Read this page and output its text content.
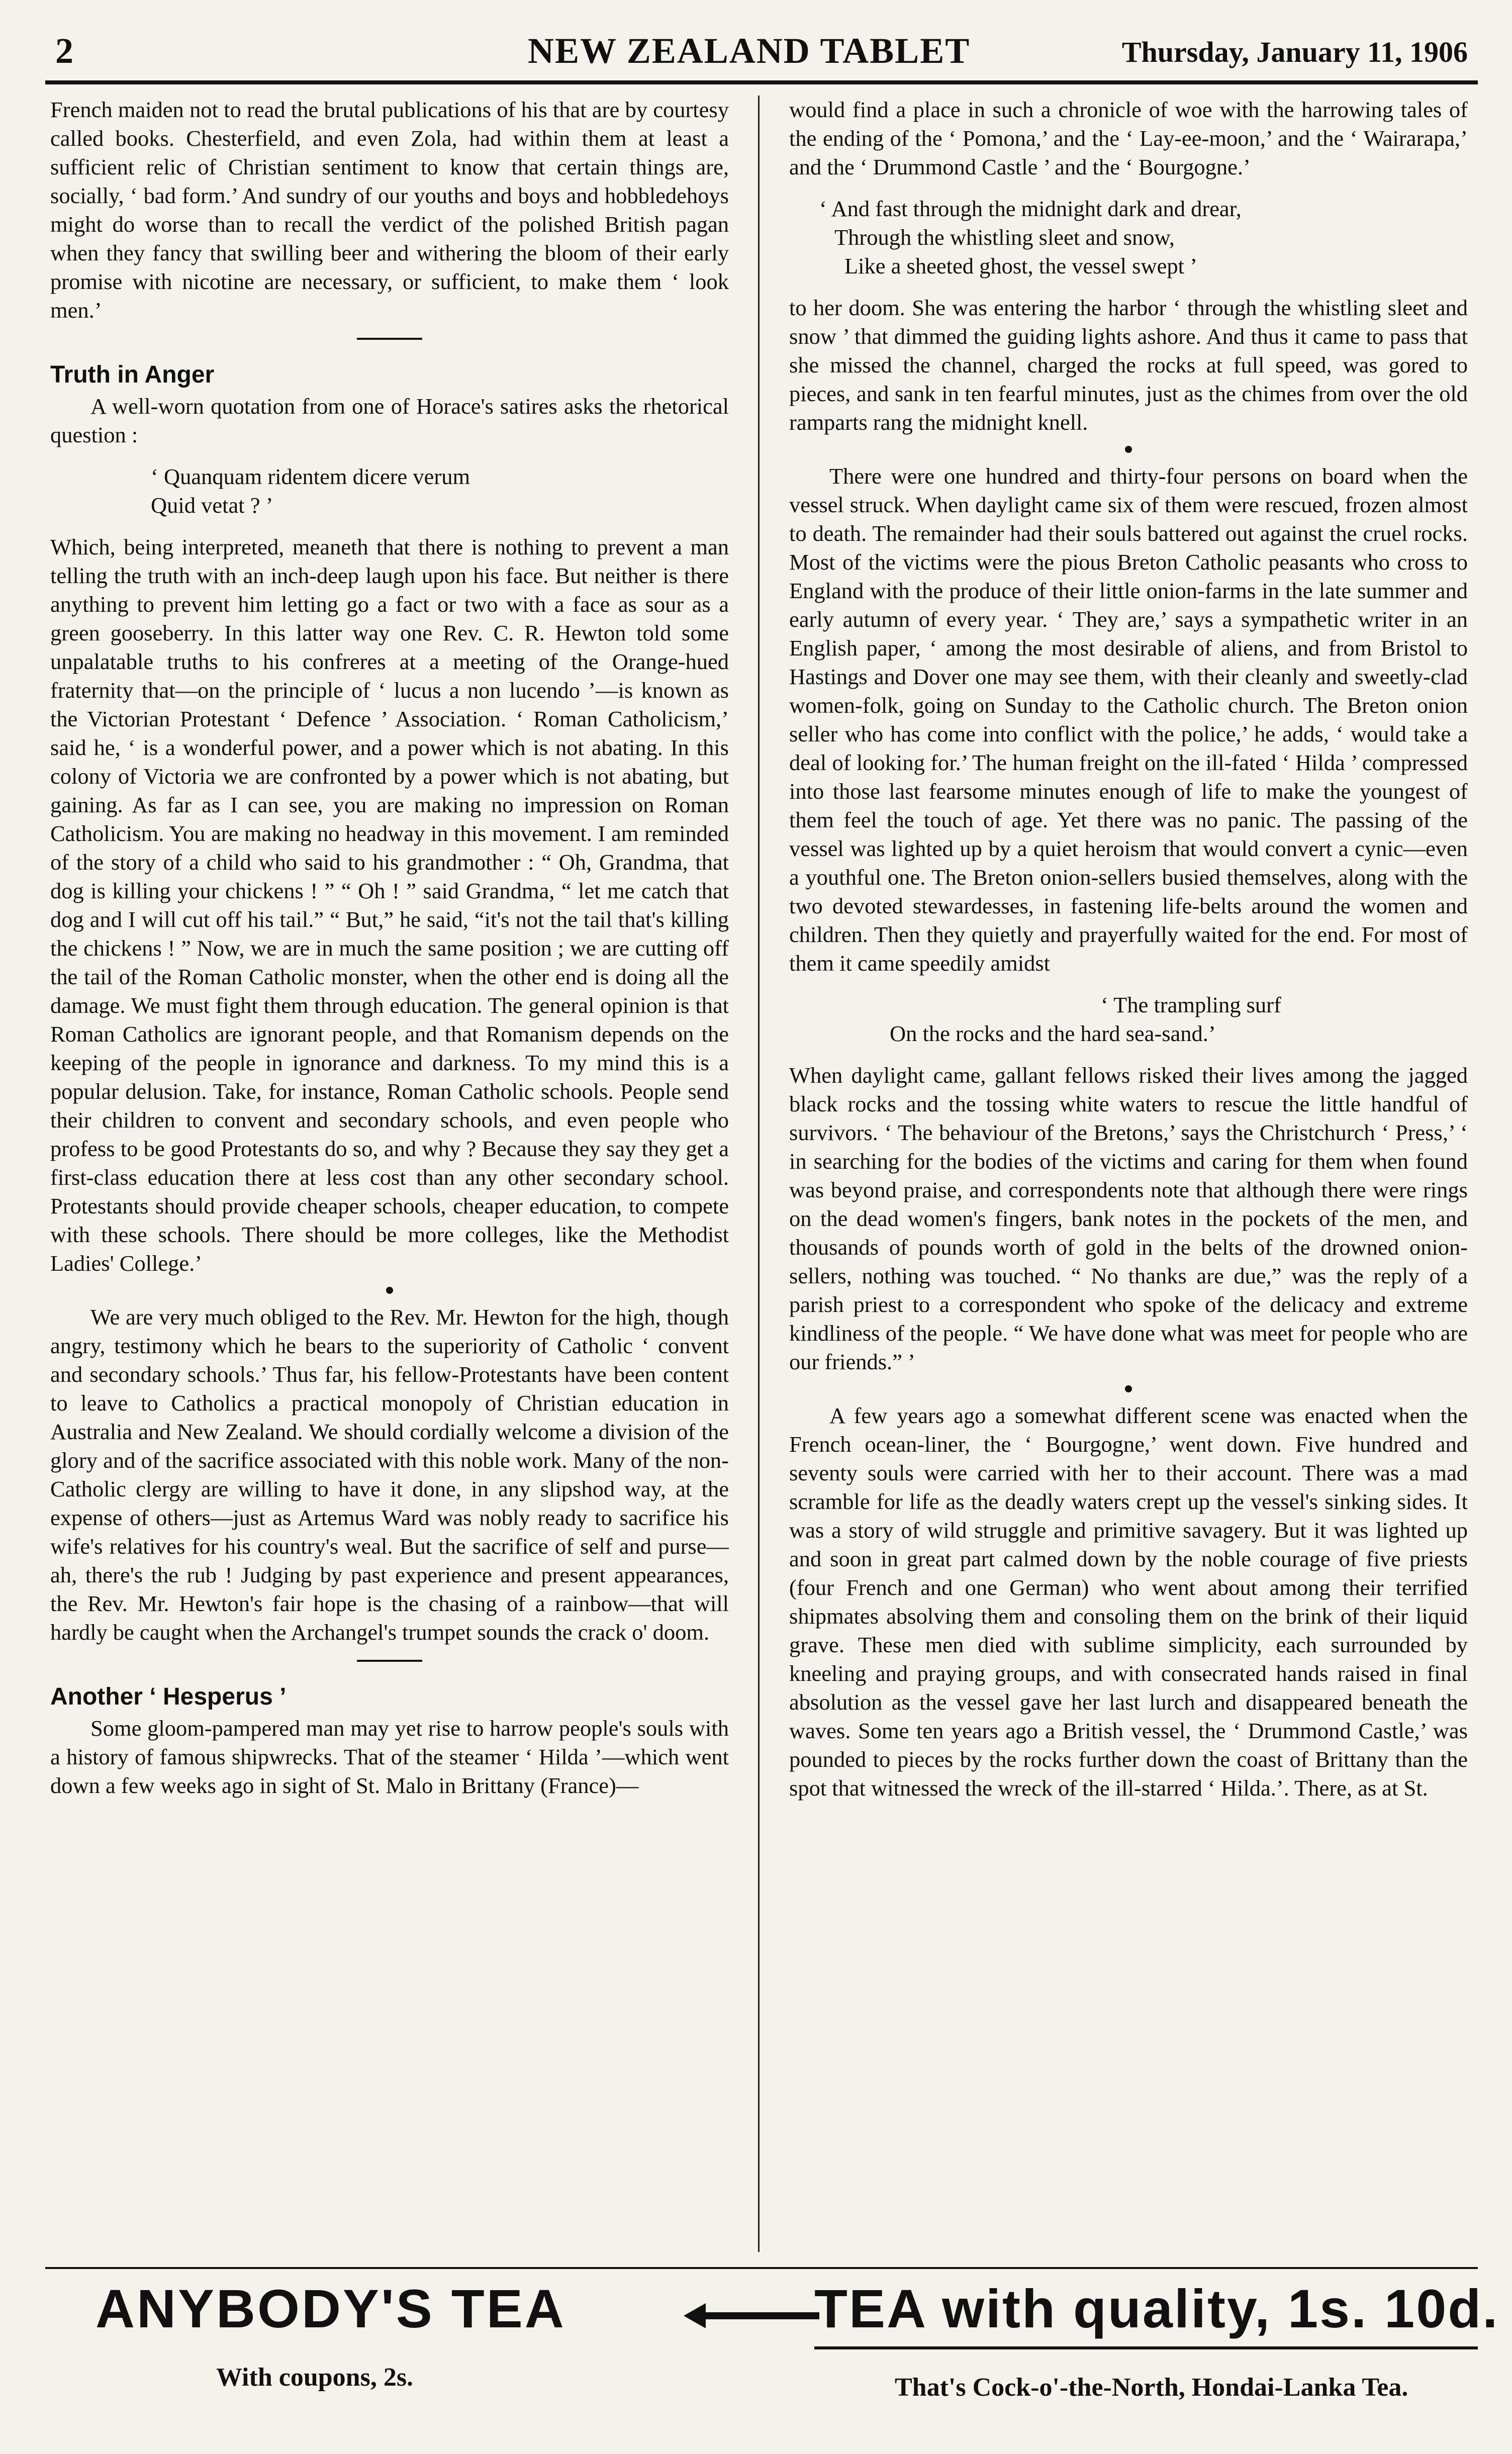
2	NEW ZEALAND TABLET	Thursday, January 11, 1906

French maiden not to read the brutal publications of his that are by courtesy called books. Chesterfield, and even Zola, had within them at least a sufficient relic of Christian sentiment to know that certain things are, socially, ‘ bad form.’ And sundry of our youths and boys and hobbledehoys might do worse than to recall the verdict of the polished British pagan when they fancy that swilling beer and withering the bloom of their early promise with nicotine are necessary, or sufficient, to make them ‘ look men.’

Truth in Anger

A well-worn quotation from one of Horace's satires asks the rhetorical question :

‘ Quanquam ridentem dicere verum
Quid vetat ? ’

Which, being interpreted, meaneth that there is nothing to prevent a man telling the truth with an inch-deep laugh upon his face. But neither is there anything to prevent him letting go a fact or two with a face as sour as a green gooseberry. In this latter way one Rev. C. R. Hewton told some unpalatable truths to his confreres at a meeting of the Orange-hued fraternity that—on the principle of ‘ lucus a non lucendo ’—is known as the Victorian Protestant ‘ Defence ’ Association. ‘ Roman Catholicism,’ said he, ‘ is a wonderful power, and a power which is not abating. In this colony of Victoria we are confronted by a power which is not abating, but gaining. As far as I can see, you are making no impression on Roman Catholicism. You are making no headway in this movement. I am reminded of the story of a child who said to his grandmother : “ Oh, Grandma, that dog is killing your chickens ! ” “ Oh ! ” said Grandma, “ let me catch that dog and I will cut off his tail.” “ But,” he said, “it's not the tail that's killing the chickens ! ” Now, we are in much the same position ; we are cutting off the tail of the Roman Catholic monster, when the other end is doing all the damage. We must fight them through education. The general opinion is that Roman Catholics are ignorant people, and that Romanism depends on the keeping of the people in ignorance and darkness. To my mind this is a popular delusion. Take, for instance, Roman Catholic schools. People send their children to convent and secondary schools, and even people who profess to be good Protestants do so, and why ? Because they say they get a first-class education there at less cost than any other secondary school. Protestants should provide cheaper schools, cheaper education, to compete with these schools. There should be more colleges, like the Methodist Ladies' College.’

We are very much obliged to the Rev. Mr. Hewton for the high, though angry, testimony which he bears to the superiority of Catholic ‘ convent and secondary schools.’ Thus far, his fellow-Protestants have been content to leave to Catholics a practical monopoly of Christian education in Australia and New Zealand. We should cordially welcome a division of the glory and of the sacrifice associated with this noble work. Many of the non-Catholic clergy are willing to have it done, in any slipshod way, at the expense of others—just as Artemus Ward was nobly ready to sacrifice his wife's relatives for his country's weal. But the sacrifice of self and purse—ah, there's the rub ! Judging by past experience and present appearances, the Rev. Mr. Hewton's fair hope is the chasing of a rainbow—that will hardly be caught when the Archangel's trumpet sounds the crack o' doom.

Another ‘ Hesperus ’

Some gloom-pampered man may yet rise to harrow people's souls with a history of famous shipwrecks. That of the steamer ‘ Hilda ’—which went down a few weeks ago in sight of St. Malo in Brittany (France)—

would find a place in such a chronicle of woe with the harrowing tales of the ending of the ‘ Pomona,’ and the ‘ Lay-ee-moon,’ and the ‘ Wairarapa,’ and the ‘ Drummond Castle ’ and the ‘ Bourgogne.’

‘ And fast through the midnight dark and drear,
Through the whistling sleet and snow,
Like a sheeted ghost, the vessel swept ’

to her doom. She was entering the harbor ‘ through the whistling sleet and snow ’ that dimmed the guiding lights ashore. And thus it came to pass that she missed the channel, charged the rocks at full speed, was gored to pieces, and sank in ten fearful minutes, just as the chimes from over the old ramparts rang the midnight knell.

There were one hundred and thirty-four persons on board when the vessel struck. When daylight came six of them were rescued, frozen almost to death. The remainder had their souls battered out against the cruel rocks. Most of the victims were the pious Breton Catholic peasants who cross to England with the produce of their little onion-farms in the late summer and early autumn of every year. ‘ They are,’ says a sympathetic writer in an English paper, ‘ among the most desirable of aliens, and from Bristol to Hastings and Dover one may see them, with their cleanly and sweetly-clad women-folk, going on Sunday to the Catholic church. The Breton onion seller who has come into conflict with the police,’ he adds, ‘ would take a deal of looking for.’ The human freight on the ill-fated ‘ Hilda ’ compressed into those last fearsome minutes enough of life to make the youngest of them feel the touch of age. Yet there was no panic. The passing of the vessel was lighted up by a quiet heroism that would convert a cynic—even a youthful one. The Breton onion-sellers busied themselves, along with the two devoted stewardesses, in fastening life-belts around the women and children. Then they quietly and prayerfully waited for the end. For most of them it came speedily amidst

‘ The trampling surf
On the rocks and the hard sea-sand.’

When daylight came, gallant fellows risked their lives among the jagged black rocks and the tossing white waters to rescue the little handful of survivors. ‘ The behaviour of the Bretons,’ says the Christchurch ‘ Press,’ ‘ in searching for the bodies of the victims and caring for them when found was beyond praise, and correspondents note that although there were rings on the dead women's fingers, bank notes in the pockets of the men, and thousands of pounds worth of gold in the belts of the drowned onion-sellers, nothing was touched. “ No thanks are due,” was the reply of a parish priest to a correspondent who spoke of the delicacy and extreme kindliness of the people. “ We have done what was meet for people who are our friends.” ’

A few years ago a somewhat different scene was enacted when the French ocean-liner, the ‘ Bourgogne,’ went down. Five hundred and seventy souls were carried with her to their account. There was a mad scramble for life as the deadly waters crept up the vessel's sinking sides. It was a story of wild struggle and primitive savagery. But it was lighted up and soon in great part calmed down by the noble courage of five priests (four French and one German) who went about among their terrified shipmates absolving them and consoling them on the brink of their liquid grave. These men died with sublime simplicity, each surrounded by kneeling and praying groups, and with consecrated hands raised in final absolution as the vessel gave her last lurch and disappeared beneath the waves. Some ten years ago a British vessel, the ‘ Drummond Castle,’ was pounded to pieces by the rocks further down the coast of Brittany than the spot that witnessed the wreck of the ill-starred ‘ Hilda.’. There, as at St.

ANYBODY'S TEA	TEA with quality, 1s. 10d.
With coupons, 2s.	That's Cock-o'-the-North, Hondai-Lanka Tea.
